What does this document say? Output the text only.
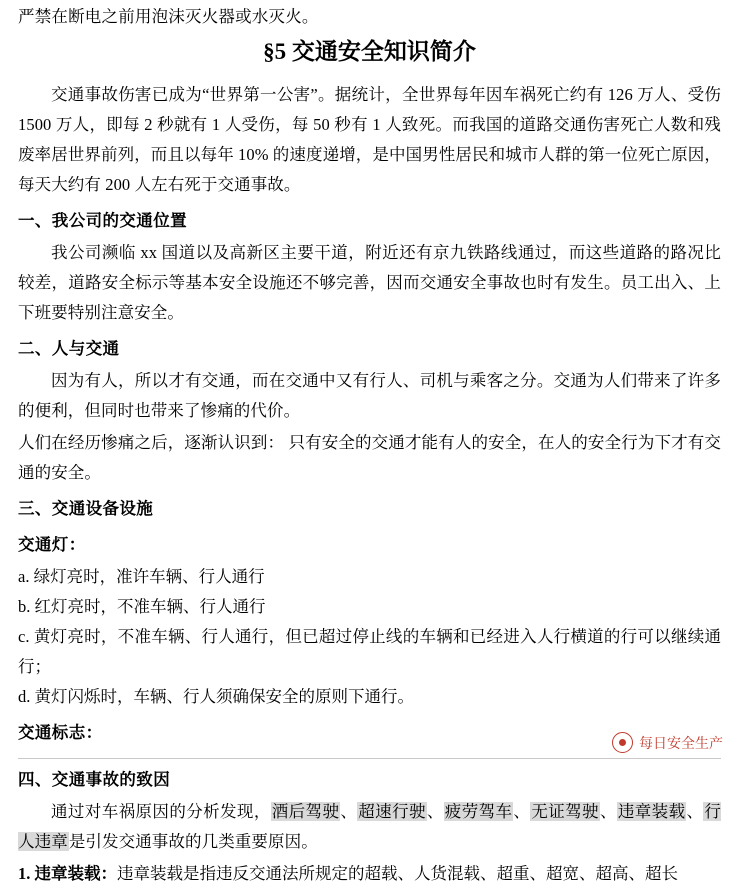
严禁在断电之前用泡沫灭火器或水灭火。

§5 交通安全知识简介

交通事故伤害已成为“世界第一公害”。据统计，全世界每年因车祸死亡约有 126 万人、受伤 1500 万人，即每 2 秒就有 1 人受伤，每 50 秒有 1 人致死。而我国的道路交通伤害死亡人数和残废率居世界前列，而且以每年 10% 的速度递增，是中国男性居民和城市人群的第一位死亡原因，每天大约有 200 人左右死于交通事故。

一、我公司的交通位置

我公司濒临 xx 国道以及高新区主要干道，附近还有京九铁路线通过，而这些道路的路况比较差，道路安全标示等基本安全设施还不够完善，因而交通安全事故也时有发生。员工出入、上下班要特别注意安全。

二、人与交通

因为有人，所以才有交通，而在交通中又有行人、司机与乘客之分。交通为人们带来了许多的便利，但同时也带来了惨痛的代价。

人们在经历惨痛之后，逐渐认识到： 只有安全的交通才能有人的安全，在人的安全行为下才有交通的安全。

三、交通设备设施
交通灯：

a. 绿灯亮时，准许车辆、行人通行

b. 红灯亮时，不准车辆、行人通行

c. 黄灯亮时，不准车辆、行人通行，但已超过停止线的车辆和已经进入人行横道的行可以继续通行；

d. 黄灯闪烁时，车辆、行人须确保安全的原则下通行。

交通标志：
四、交通事故的致因

通过对车祸原因的分析发现，酒后驾驶、超速行驶、疲劳驾车、无证驾驶、违章装载、行人违章是引发交通事故的几类重要原因。

1. 违章装载：违章装载是指违反交通法所规定的超载、人货混载、超重、超宽、超高、超长

每日安全生产
